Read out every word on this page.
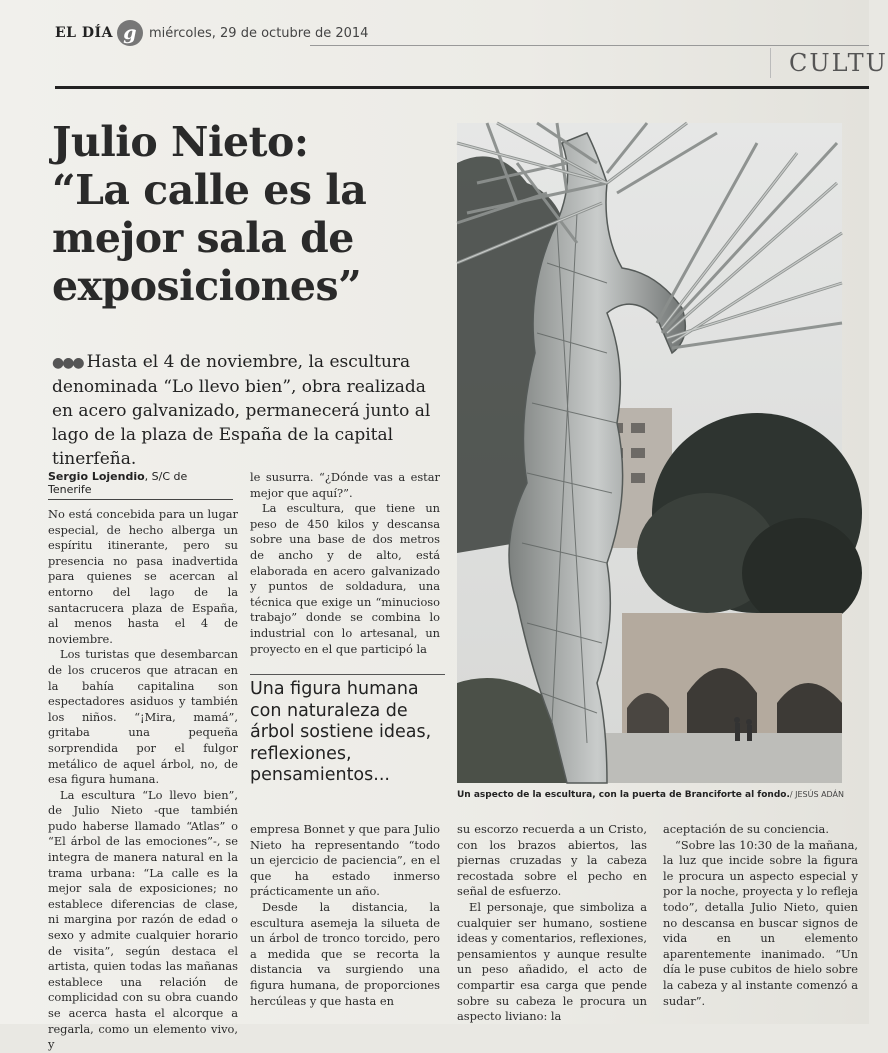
EL DÍA g miércoles, 29 de octubre de 2014
CULTU
Julio Nieto:
“La calle es la
mejor sala de
exposiciones”
●●● Hasta el 4 de noviembre, la escultura denominada “Lo llevo bien”, obra realizada en acero galvanizado, permanecerá junto al lago de la plaza de España de la capital tinerfeña.
Sergio Lojendio, S/C de Tenerife

No está concebida para un lugar especial, de hecho alberga un espíritu itinerante, pero su presencia no pasa inadvertida para quienes se acercan al entorno del lago de la santacrucera plaza de España, al menos hasta el 4 de noviembre.

Los turistas que desembarcan de los cruceros que atracan en la bahía capitalina son espectadores asiduos y también los niños. “¡Mira, mamá”, gritaba una pequeña sorprendida por el fulgor metálico de aquel árbol, no, de esa figura humana.

La escultura “Lo llevo bien”, de Julio Nieto -que también pudo haberse llamado “Atlas” o “El árbol de las emociones”-, se integra de manera natural en la trama urbana: “La calle es la mejor sala de exposiciones; no establece diferencias de clase, ni margina por razón de edad o sexo y admite cualquier horario de visita”, según destaca el artista, quien todas las mañanas establece una relación de complicidad con su obra cuando se acerca hasta el alcorque a regarla, como un elemento vivo, y

le susurra. “¿Dónde vas a estar mejor que aquí?”.

La escultura, que tiene un peso de 450 kilos y descansa sobre una base de dos metros de ancho y de alto, está elaborada en acero galvanizado y puntos de soldadura, una técnica que exige un “minucioso trabajo” donde se combina lo industrial con lo artesanal, un proyecto en el que participó la

Una figura humana con naturaleza de árbol sostiene ideas, reflexiones, pensamientos...

empresa Bonnet y que para Julio Nieto ha representando “todo un ejercicio de paciencia”, en el que ha estado inmerso prácticamente un año.

Desde la distancia, la escultura asemeja la silueta de un árbol de tronco torcido, pero a medida que se recorta la distancia va surgiendo una figura humana, de proporciones hercúleas y que hasta en

Un aspecto de la escultura, con la puerta de Branciforte al fondo./ JESÚS ADÁN

su escorzo recuerda a un Cristo, con los brazos abiertos, las piernas cruzadas y la cabeza recostada sobre el pecho en señal de esfuerzo.

El personaje, que simboliza a cualquier ser humano, sostiene ideas y comentarios, reflexiones, pensamientos y aunque resulte un peso añadido, el acto de compartir esa carga que pende sobre su cabeza le procura un aspecto liviano: la

aceptación de su conciencia.

“Sobre las 10:30 de la mañana, la luz que incide sobre la figura le procura un aspecto especial y por la noche, proyecta y lo refleja todo”, detalla Julio Nieto, quien no descansa en buscar signos de vida en un elemento aparentemente inanimado. “Un día le puse cubitos de hielo sobre la cabeza y al instante comenzó a sudar”.
